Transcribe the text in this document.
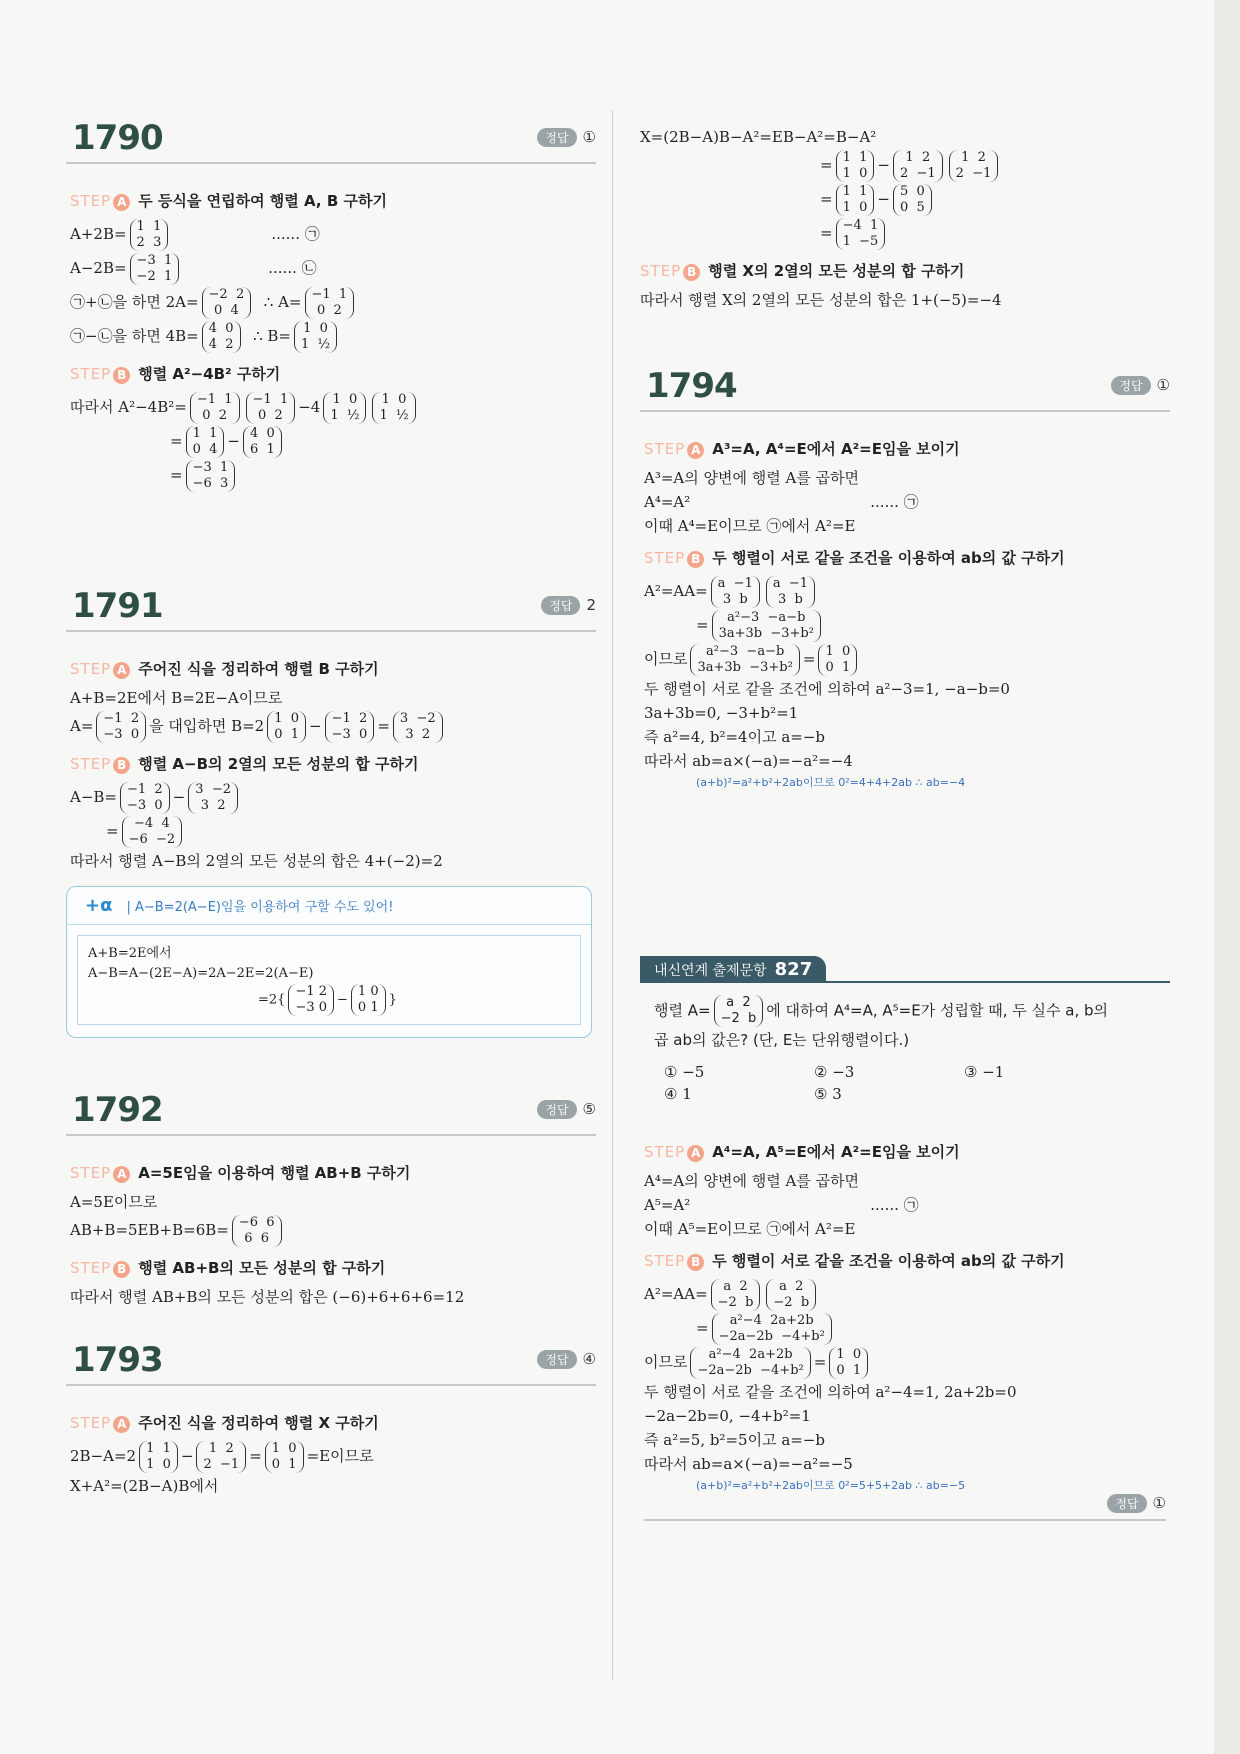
1790	정답 ①
STEP A 두 등식을 연립하여 행렬 A, B 구하기
A+2B= 1  1
2  3	...... ㉠
A−2B= −3  1
−2  1	...... ㉡
㉠+㉡을 하면 2A= −2  2
0  4	∴ A= −1  1
0  2
㉠−㉡을 하면 4B= 4  0
4  2 ∴ B= 1  0
1  ½
STEP B 행렬 A²−4B² 구하기
따라서 A²−4B²= −1  1
0  2
−1  1
0  2	−4 1  0
1  ½
1  0
1  ½
= 1  1
0  4 − 4  0
6  1
= −3  1
−6  3
1791	정답 2
STEP A 주어진 식을 정리하여 행렬 B 구하기
A+B=2E에서 B=2E−A이므로
A= −1  2
−3  0 을 대입하면 B=2 1  0
0  1 − −1  2
−3  0 = 3  −2
3  2
STEP B 행렬 A−B의 2열의 모든 성분의 합 구하기
A−B= −1  2
−3  0 − 3  −2
3  2
=	−4  4
−6  −2
따라서 행렬 A−B의 2열의 모든 성분의 합은 4+(−2)=2
+α | A−B=2(A−E)임을 이용하여 구할 수도 있어!
A+B=2E에서
A−B=A−(2E−A)=2A−2E=2(A−E)
=2{
−1 2
−3 0 −
1 0
0 1 }
1792	정답 ⑤
STEP A A=5E임을 이용하여 행렬 AB+B 구하기
A=5E이므로
AB+B=5EB+B=6B= −6  6
6  6
STEP B 행렬 AB+B의 모든 성분의 합 구하기
따라서 행렬 AB+B의 모든 성분의 합은 (−6)+6+6+6=12
1793	정답 ④
STEP A 주어진 식을 정리하여 행렬 X 구하기
2B−A=2 1  1
1  0 −	1  2
2  −1 = 1  0
0  1 =E이므로
X+A²=(2B−A)B에서
X=(2B−A)B−A²=EB−A²=B−A²
= 1  1
1  0 −	1  2
2  −1
1  2
2  −1
= 1  1
1  0 − 5  0
0  5
= −4  1
1  −5
STEP B 행렬 X의 2열의 모든 성분의 합 구하기
따라서 행렬 X의 2열의 모든 성분의 합은 1+(−5)=−4
1794	정답 ①
STEP A A³=A, A⁴=E에서 A²=E임을 보이기
A³=A의 양변에 행렬 A를 곱하면
A⁴=A²	...... ㉠
이때 A⁴=E이므로 ㉠에서 A²=E
STEP B 두 행렬이 서로 같을 조건을 이용하여 ab의 값 구하기
A²=AA= a  −1
3  b
a  −1
3  b
=	a²−3  −a−b
3a+3b  −3+b²
이므로	a²−3  −a−b
3a+3b  −3+b² = 1  0
0  1
두 행렬이 서로 같을 조건에 의하여 a²−3=1, −a−b=0
3a+3b=0, −3+b²=1
즉 a²=4, b²=4이고 a=−b
따라서 ab=a×(−a)=−a²=−4
(a+b)²=a²+b²+2ab이므로 0²=4+4+2ab ∴ ab=−4
내신연계 출제문항 827
행렬 A=	a  2
−2  b 에 대하여 A⁴=A, A⁵=E가 성립할 때, 두 실수 a, b의
곱 ab의 값은? (단, E는 단위행렬이다.)
① −5	② −3	③ −1
④ 1	⑤ 3
STEP A A⁴=A, A⁵=E에서 A²=E임을 보이기
A⁴=A의 양변에 행렬 A를 곱하면
A⁵=A²	...... ㉠
이때 A⁵=E이므로 ㉠에서 A²=E
STEP B 두 행렬이 서로 같을 조건을 이용하여 ab의 값 구하기
A²=AA=	a  2
−2  b
a  2
−2  b
=	a²−4  2a+2b
−2a−2b  −4+b²
이므로	a²−4  2a+2b
−2a−2b  −4+b² = 1  0
0  1
두 행렬이 서로 같을 조건에 의하여 a²−4=1, 2a+2b=0
−2a−2b=0, −4+b²=1
즉 a²=5, b²=5이고 a=−b
따라서 ab=a×(−a)=−a²=−5
(a+b)²=a²+b²+2ab이므로 0²=5+5+2ab ∴ ab=−5
정답 ①
